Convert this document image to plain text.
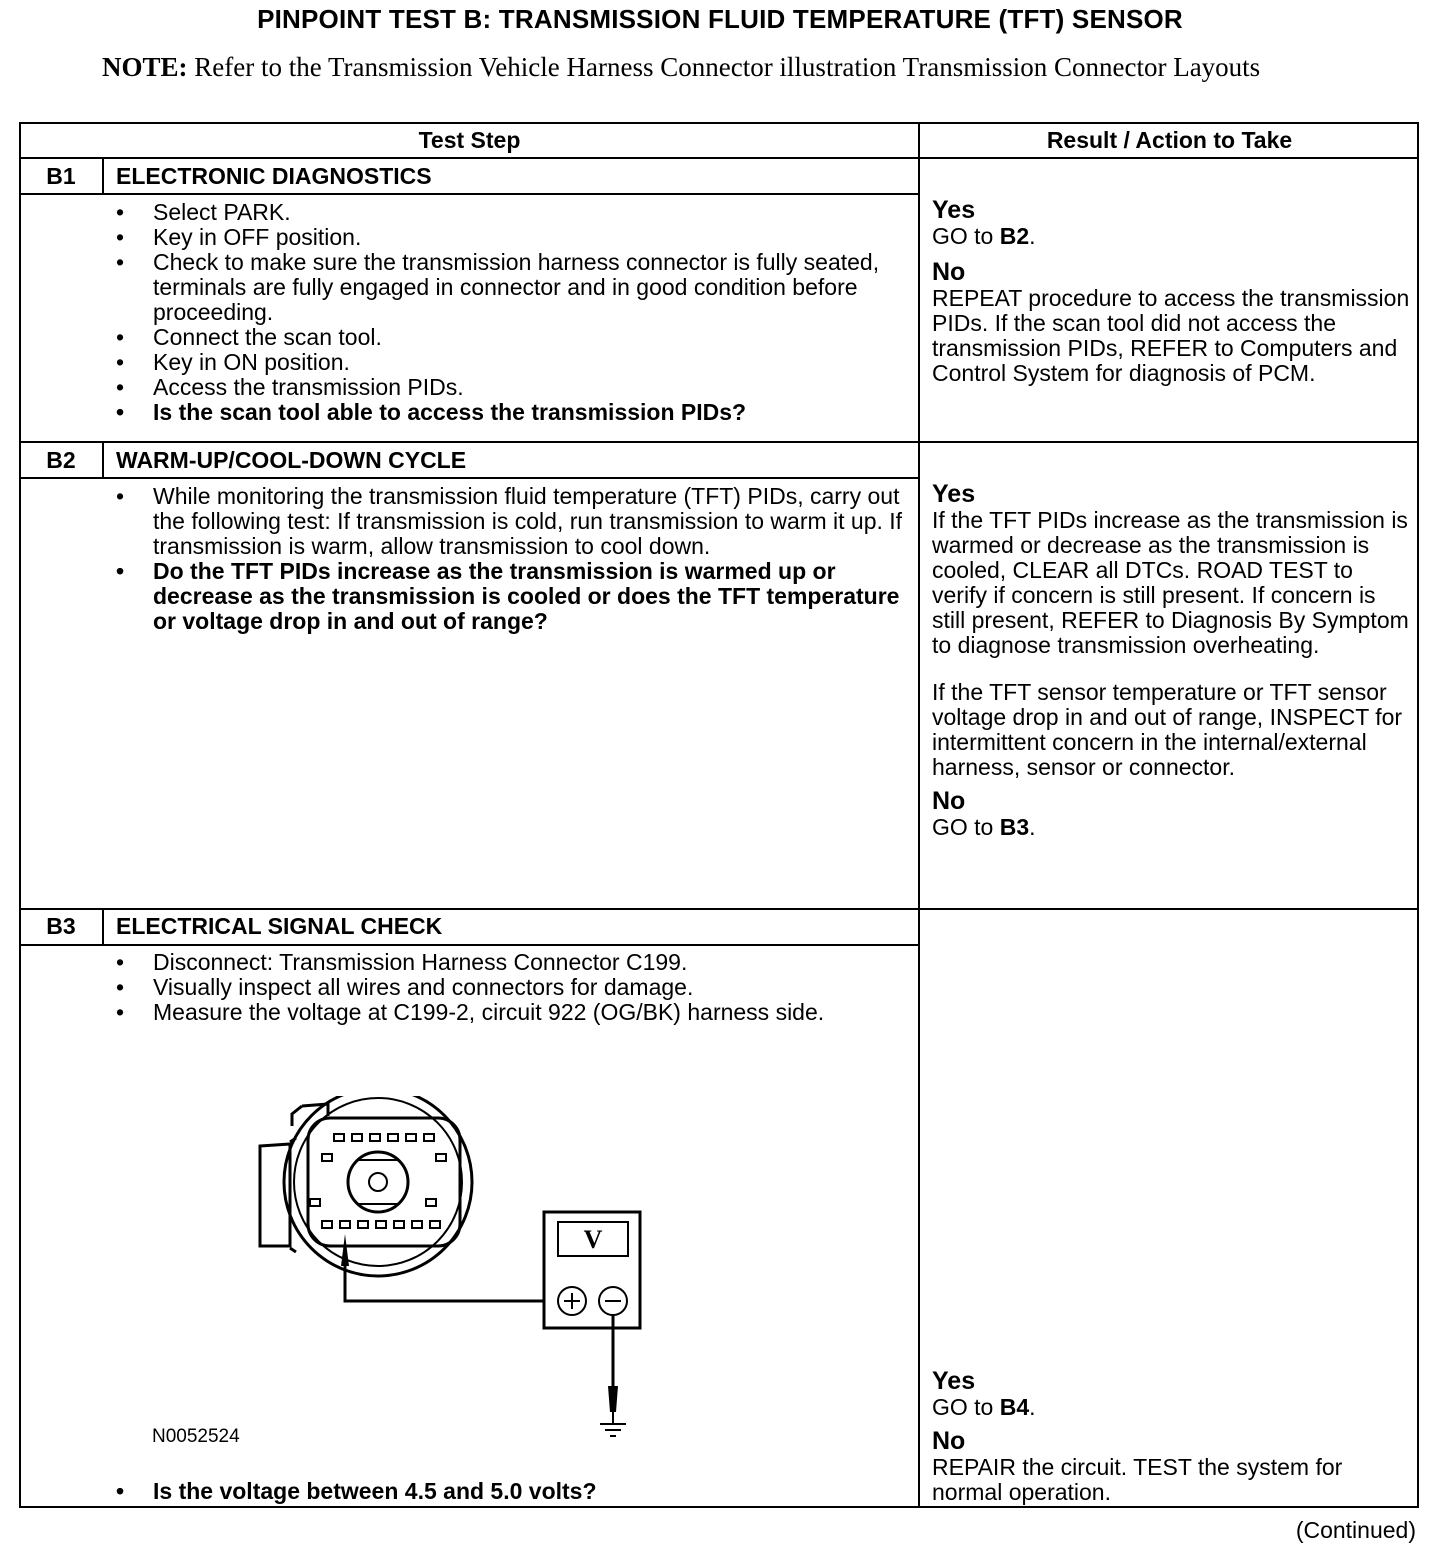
PINPOINT TEST B: TRANSMISSION FLUID TEMPERATURE (TFT) SENSOR
NOTE: Refer to the Transmission Vehicle Harness Connector illustration Transmission Connector Layouts
Test Step	Result / Action to Take
B1	ELECTRONIC DIAGNOSTICS
• Select PARK.
• Key in OFF position.
• Check to make sure the transmission harness connector is fully seated, terminals are fully engaged in connector and in good condition before proceeding.
• Connect the scan tool.
• Key in ON position.
• Access the transmission PIDs.
• Is the scan tool able to access the transmission PIDs?
Yes
GO to B2.
No
REPEAT procedure to access the transmission PIDs. If the scan tool did not access the transmission PIDs, REFER to Computers and Control System for diagnosis of PCM.
B2	WARM-UP/COOL-DOWN CYCLE
• While monitoring the transmission fluid temperature (TFT) PIDs, carry out the following test: If transmission is cold, run transmission to warm it up. If transmission is warm, allow transmission to cool down.
• Do the TFT PIDs increase as the transmission is warmed up or decrease as the transmission is cooled or does the TFT temperature or voltage drop in and out of range?
Yes
If the TFT PIDs increase as the transmission is warmed or decrease as the transmission is cooled, CLEAR all DTCs. ROAD TEST to verify if concern is still present. If concern is still present, REFER to Diagnosis By Symptom to diagnose transmission overheating.
If the TFT sensor temperature or TFT sensor voltage drop in and out of range, INSPECT for intermittent concern in the internal/external harness, sensor or connector.
No
GO to B3.
B3	ELECTRICAL SIGNAL CHECK
• Disconnect: Transmission Harness Connector C199.
• Visually inspect all wires and connectors for damage.
• Measure the voltage at C199-2, circuit 922 (OG/BK) harness side.
• Is the voltage between 4.5 and 5.0 volts?
Yes
GO to B4.
No
REPAIR the circuit. TEST the system for normal operation.
V
N0052524
(Continued)
